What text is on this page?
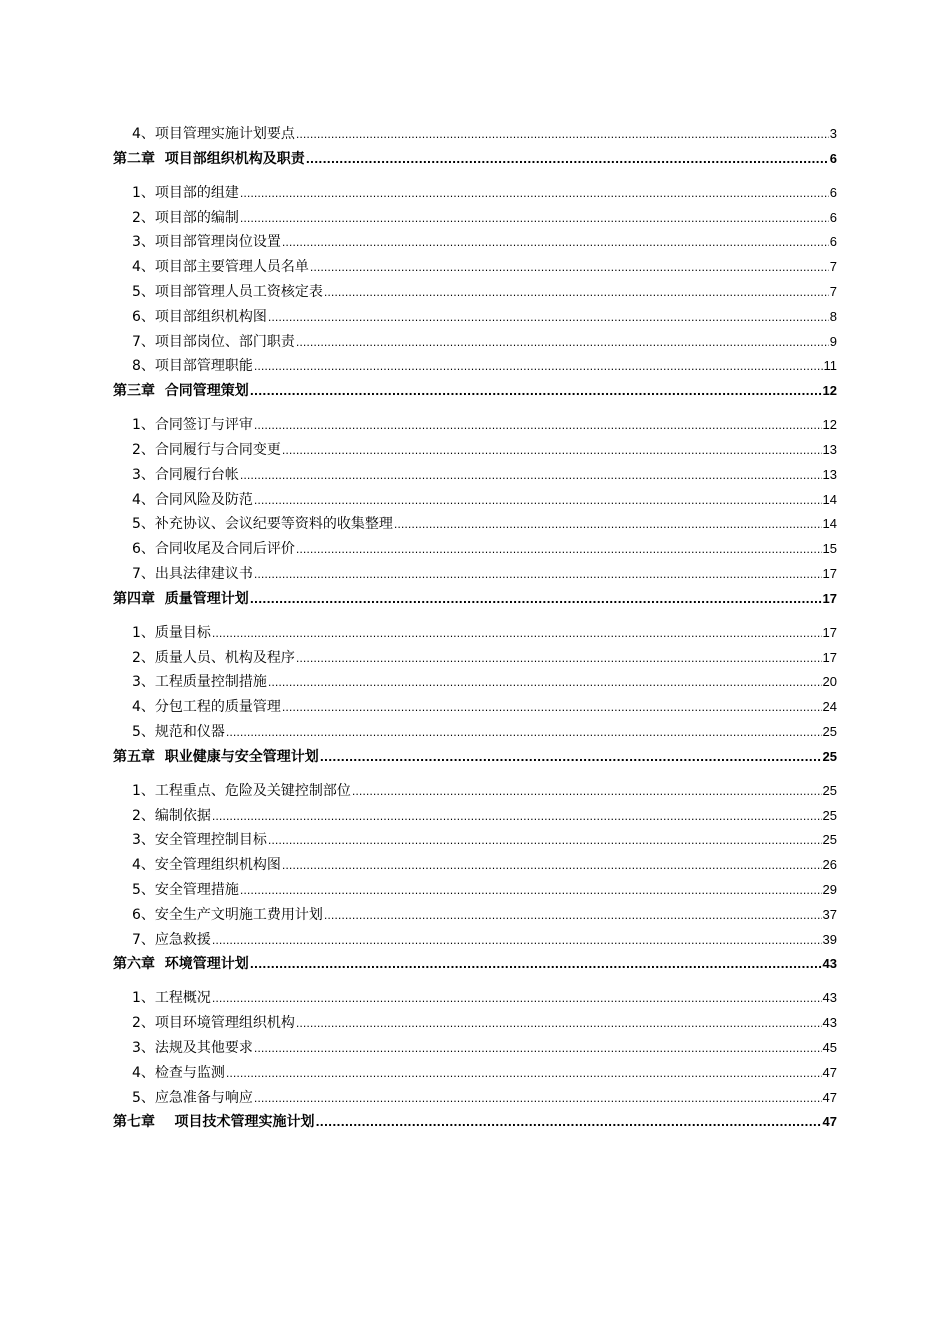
4、项目管理实施计划要点 .....	3
第二章  项目部组织机构及职责 .....	6
1、项目部的组建 .....	6
2、项目部的编制 .....	6
3、项目部管理岗位设置 .....	6
4、项目部主要管理人员名单 .....	7
5、项目部管理人员工资核定表 .....	7
6、项目部组织机构图 .....	8
7、项目部岗位、部门职责 .....	9
8、项目部管理职能 .....	11
第三章  合同管理策划 .....	12
1、合同签订与评审 .....	12
2、合同履行与合同变更 .....	13
3、合同履行台帐 .....	13
4、合同风险及防范 .....	14
5、补充协议、会议纪要等资料的收集整理 .....	14
6、合同收尾及合同后评价 .....	15
7、出具法律建议书 .....	17
第四章  质量管理计划 .....	17
1、质量目标 .....	17
2、质量人员、机构及程序 .....	17
3、工程质量控制措施 .....	20
4、分包工程的质量管理 .....	24
5、规范和仪器 .....	25
第五章  职业健康与安全管理计划 .....	25
1、工程重点、危险及关键控制部位 .....	25
2、编制依据 .....	25
3、安全管理控制目标 .....	25
4、安全管理组织机构图 .....	26
5、安全管理措施 .....	29
6、安全生产文明施工费用计划 .....	37
7、应急救援 .....	39
第六章  环境管理计划 .....	43
1、工程概况 .....	43
2、项目环境管理组织机构 .....	43
3、法规及其他要求 .....	45
4、检查与监测 .....	47
5、应急准备与响应 .....	47
第七章    项目技术管理实施计划 .....	47
